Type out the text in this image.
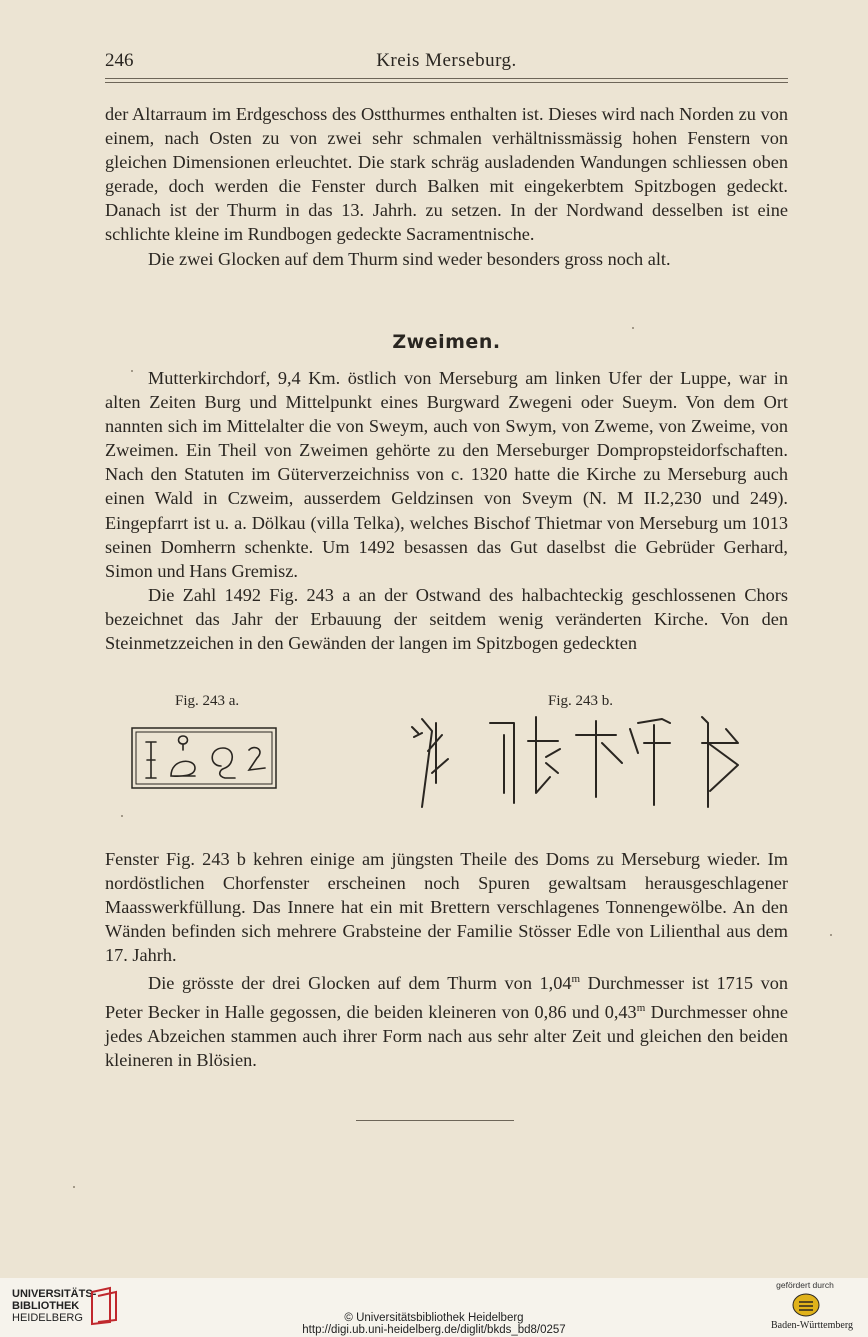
246	Kreis Merseburg.

der Altarraum im Erdgeschoss des Ostthurmes enthalten ist. Dieses wird nach Norden zu von einem, nach Osten zu von zwei sehr schmalen verhältnissmässig hohen Fenstern von gleichen Dimensionen erleuchtet. Die stark schräg ausladenden Wandungen schliessen oben gerade, doch werden die Fenster durch Balken mit eingekerbtem Spitzbogen gedeckt. Danach ist der Thurm in das 13. Jahrh. zu setzen. In der Nordwand desselben ist eine schlichte kleine im Rundbogen gedeckte Sacramentnische.

Die zwei Glocken auf dem Thurm sind weder besonders gross noch alt.

Zweimen.

Mutterkirchdorf, 9,4 Km. östlich von Merseburg am linken Ufer der Luppe, war in alten Zeiten Burg und Mittelpunkt eines Burgward Zwegeni oder Sueym. Von dem Ort nannten sich im Mittelalter die von Sweym, auch von Swym, von Zweme, von Zweime, von Zweimen. Ein Theil von Zweimen gehörte zu den Merseburger Dompropsteidorfschaften. Nach den Statuten im Güterverzeichniss von c. 1320 hatte die Kirche zu Merseburg auch einen Wald in Czweim, ausserdem Geldzinsen von Sveym (N. M II.2,230 und 249). Eingepfarrt ist u. a. Dölkau (villa Telka), welches Bischof Thietmar von Merseburg um 1013 seinen Domherrn schenkte. Um 1492 besassen das Gut daselbst die Gebrüder Gerhard, Simon und Hans Gremisz.

Die Zahl 1492 Fig. 243 a an der Ostwand des halbachteckig geschlossenen Chors bezeichnet das Jahr der Erbauung der seitdem wenig veränderten Kirche. Von den Steinmetzzeichen in den Gewänden der langen im Spitzbogen gedeckten

Fig. 243 a.	Fig. 243 b.

Fenster Fig. 243 b kehren einige am jüngsten Theile des Doms zu Merseburg wieder. Im nordöstlichen Chorfenster erscheinen noch Spuren gewaltsam herausgeschlagener Maasswerkfüllung. Das Innere hat ein mit Brettern verschlagenes Tonnengewölbe. An den Wänden befinden sich mehrere Grabsteine der Familie Stösser Edle von Lilienthal aus dem 17. Jahrh.

Die grösste der drei Glocken auf dem Thurm von 1,04$^m$ Durchmesser ist 1715 von Peter Becker in Halle gegossen, die beiden kleineren von 0,86 und 0,43$^m$ Durchmesser ohne jedes Abzeichen stammen auch ihrer Form nach aus sehr alter Zeit und gleichen den beiden kleineren in Blösien.

UNIVERSITÄTS-
BIBLIOTHEK
HEIDELBERG	© Universitätsbibliothek Heidelberg
http://digi.ub.uni-heidelberg.de/diglit/bkds_bd8/0257
gefördert durch
Baden-Württemberg
